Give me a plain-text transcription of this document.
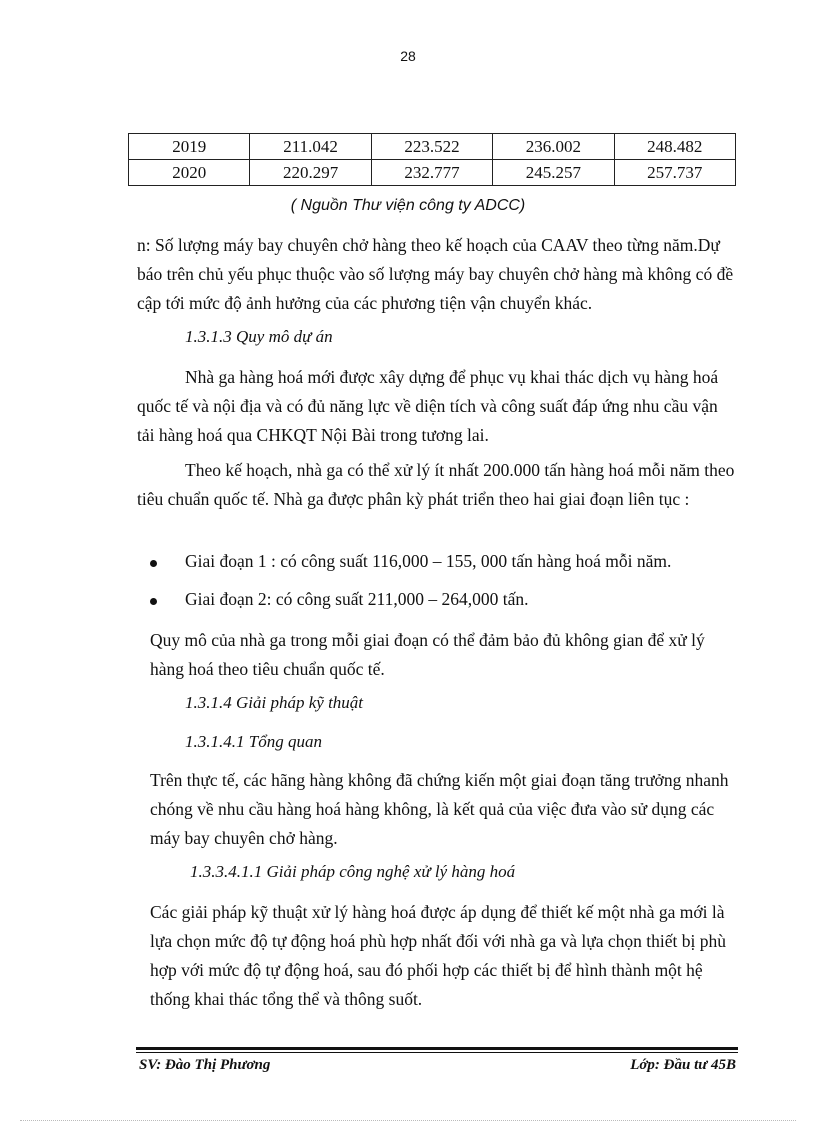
28
2019	211.042	223.522	236.002	248.482
2020	220.297	232.777	245.257	257.737
( Nguồn Thư viện công ty ADCC)

n: Số lượng máy bay chuyên chở hàng theo kế hoạch của CAAV theo từng năm.Dự báo trên chủ yếu phục thuộc vào số lượng máy bay chuyên chở hàng mà không có đề cập tới mức độ ảnh hưởng của các phương tiện vận chuyển khác.

1.3.1.3 Quy mô dự án

Nhà ga hàng hoá mới được xây dựng để phục vụ khai thác dịch vụ hàng hoá quốc tế và nội địa và có đủ năng lực về diện tích và công suất đáp ứng nhu cầu vận tải hàng hoá qua CHKQT Nội Bài trong tương lai.

Theo kế hoạch, nhà ga có thể xử lý ít nhất 200.000 tấn hàng hoá mỗi năm theo tiêu chuẩn quốc tế. Nhà ga được phân kỳ phát triển theo hai giai đoạn liên tục :

Giai đoạn 1 : có công suất 116,000 – 155, 000 tấn hàng hoá mỗi năm.
Giai đoạn 2: có công suất 211,000 – 264,000 tấn.

Quy mô của nhà ga trong mỗi giai đoạn có thể đảm bảo đủ không gian để xử lý hàng hoá theo tiêu chuẩn quốc tế.

1.3.1.4 Giải pháp kỹ thuật

1.3.1.4.1 Tổng quan

Trên thực tế, các hãng hàng không đã chứng kiến một giai đoạn tăng trưởng nhanh chóng về nhu cầu hàng hoá hàng không, là kết quả của việc đưa vào sử dụng các máy bay chuyên chở hàng.

1.3.3.4.1.1 Giải pháp công nghệ xử lý hàng hoá

Các giải pháp kỹ thuật xử lý hàng hoá được áp dụng để thiết kế một nhà ga mới là lựa chọn mức độ tự động hoá phù hợp nhất đối với nhà ga và lựa chọn thiết bị phù hợp với mức độ tự động hoá, sau đó phối hợp các thiết bị để hình thành một hệ thống khai thác tổng thể và thông suốt.

SV: Đào Thị Phương	Lớp: Đầu tư 45B
